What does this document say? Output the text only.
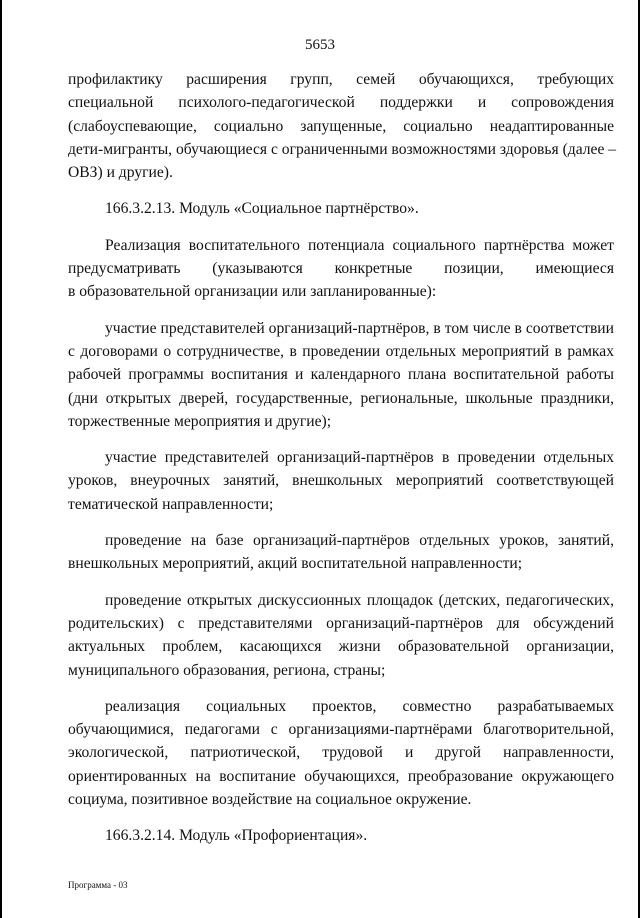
5653
профилактику расширения групп, семей обучающихся, требующих
специальной психолого-педагогической поддержки и сопровождения
(слабоуспевающие, социально запущенные, социально неадаптированные
дети-мигранты, обучающиеся с ограниченными возможностями здоровья (далее –
ОВЗ) и другие).
166.3.2.13. Модуль «Социальное партнёрство».
Реализация воспитательного потенциала социального партнёрства может
предусматривать (указываются конкретные позиции, имеющиеся
в образовательной организации или запланированные):
участие представителей организаций-партнёров, в том числе в соответствии
с договорами о сотрудничестве, в проведении отдельных мероприятий в рамках
рабочей программы воспитания и календарного плана воспитательной работы
(дни открытых дверей, государственные, региональные, школьные праздники,
торжественные мероприятия и другие);
участие представителей организаций-партнёров в проведении отдельных
уроков, внеурочных занятий, внешкольных мероприятий соответствующей
тематической направленности;
проведение на базе организаций-партнёров отдельных уроков, занятий,
внешкольных мероприятий, акций воспитательной направленности;
проведение открытых дискуссионных площадок (детских, педагогических,
родительских) с представителями организаций-партнёров для обсуждений
актуальных проблем, касающихся жизни образовательной организации,
муниципального образования, региона, страны;
реализация социальных проектов, совместно разрабатываемых
обучающимися, педагогами с организациями-партнёрами благотворительной,
экологической, патриотической, трудовой и другой направленности,
ориентированных на воспитание обучающихся, преобразование окружающего
социума, позитивное воздействие на социальное окружение.
166.3.2.14. Модуль «Профориентация».
Программа - 03
